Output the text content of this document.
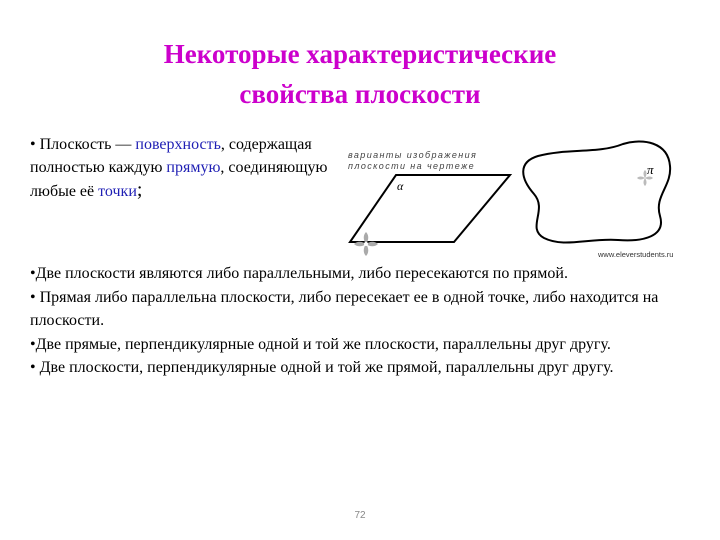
Некоторые характеристические
свойства плоскости
• Плоскость — поверхность, содержащая полностью каждую прямую, соединяющую любые её точки;
варианты изображения
плоскости на чертеже
α
π
www.eleverstudents.ru

•Две плоскости являются либо параллельными, либо пересекаются по прямой.

• Прямая либо параллельна плоскости, либо пересекает ее в одной точке, либо находится на плоскости.

•Две прямые, перпендикулярные одной и той же плоскости, параллельны друг другу.

• Две плоскости, перпендикулярные одной и той же прямой, параллельны друг другу.

72
